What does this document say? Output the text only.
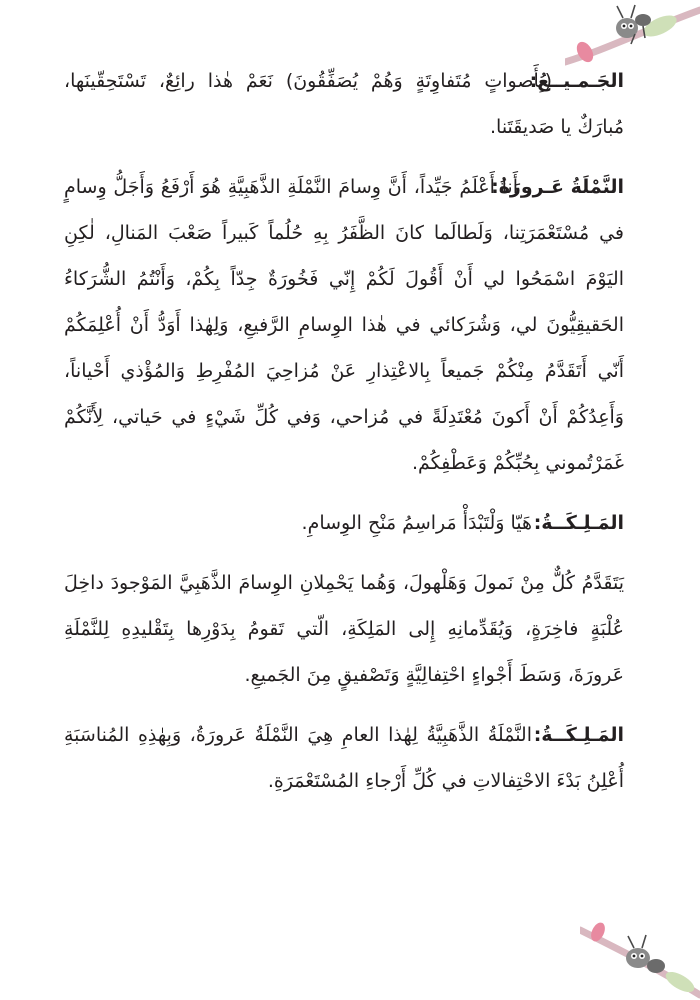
الجَـمـيــعُ:
(بِأَصواتٍ مُتَفاوِتَةٍ وَهُمْ يُصَفِّقُونَ) نَعَمْ هٰذا رائِعٌ، تَسْتَحِقّينَها، مُبارَكٌ يا صَديقَتَنا.
النَّمْلَةُ عَـرورَةُ:
أَنا أَعْلَمُ جَيِّداً، أَنَّ وِسامَ النَّمْلَةِ الذَّهَبِيَّةِ هُوَ أَرْفَعُ وَأَجَلُّ وِسامٍ في مُسْتَعْمَرَتِنا، وَلَطالَما كانَ الظَّفَرُ بِهِ حُلُماً كَبيراً صَعْبَ المَنالِ، لٰكِنِ اليَوْمَ اسْمَحُوا لي أَنْ أَقُولَ لَكُمْ إِنّي فَخُورَةٌ جِدّاً بِكُمْ، وَأَنْتُمُ الشُّرَكاءُ الحَقيقِيُّونَ لي، وَشُرَكائي في هٰذا الوِسامِ الرَّفيعِ، وَلِهٰذا أَوَدُّ أَنْ أُعْلِمَكُمْ أَنّي أَتَقَدَّمُ مِنْكُمْ جَميعاً بِالاعْتِذارِ عَنْ مُزاحِيَ المُفْرِطِ وَالمُؤْذي أَحْياناً، وَأَعِدُكُمْ أَنْ أَكونَ مُعْتَدِلَةً في مُزاحي، وَفي كُلِّ شَيْءٍ في حَياتي، لِأَنَّكُمْ غَمَرْتُموني بِحُبِّكُمْ وَعَطْفِكُمْ.
المَـلِـكَــةُ:
هَيّا وَلْتَبْدَأْ مَراسِمُ مَنْحِ الوِسامِ.
يَتَقَدَّمُ كُلٌّ مِنْ نَمولَ وَهَلْهولَ، وَهُما يَحْمِلانِ الوِسامَ الذَّهَبِيَّ المَوْجودَ داخِلَ عُلْبَةٍ فاخِرَةٍ، وَيُقَدِّمانِهِ إِلى المَلِكَةِ، الّتي تَقومُ بِدَوْرِها بِتَقْليدِهِ لِلنَّمْلَةِ عَرورَةَ، وَسَطَ أَجْواءٍ احْتِفالِيَّةٍ وَتَصْفيقٍ مِنَ الجَميعِ.
المَـلِـكَــةُ:
النَّمْلَةُ الذَّهَبِيَّةُ لِهٰذا العامِ هِيَ النَّمْلَةُ عَرورَةُ، وَبِهٰذِهِ المُناسَبَةِ أُعْلِنُ بَدْءَ الاحْتِفالاتِ في كُلِّ أَرْجاءِ المُسْتَعْمَرَةِ.
